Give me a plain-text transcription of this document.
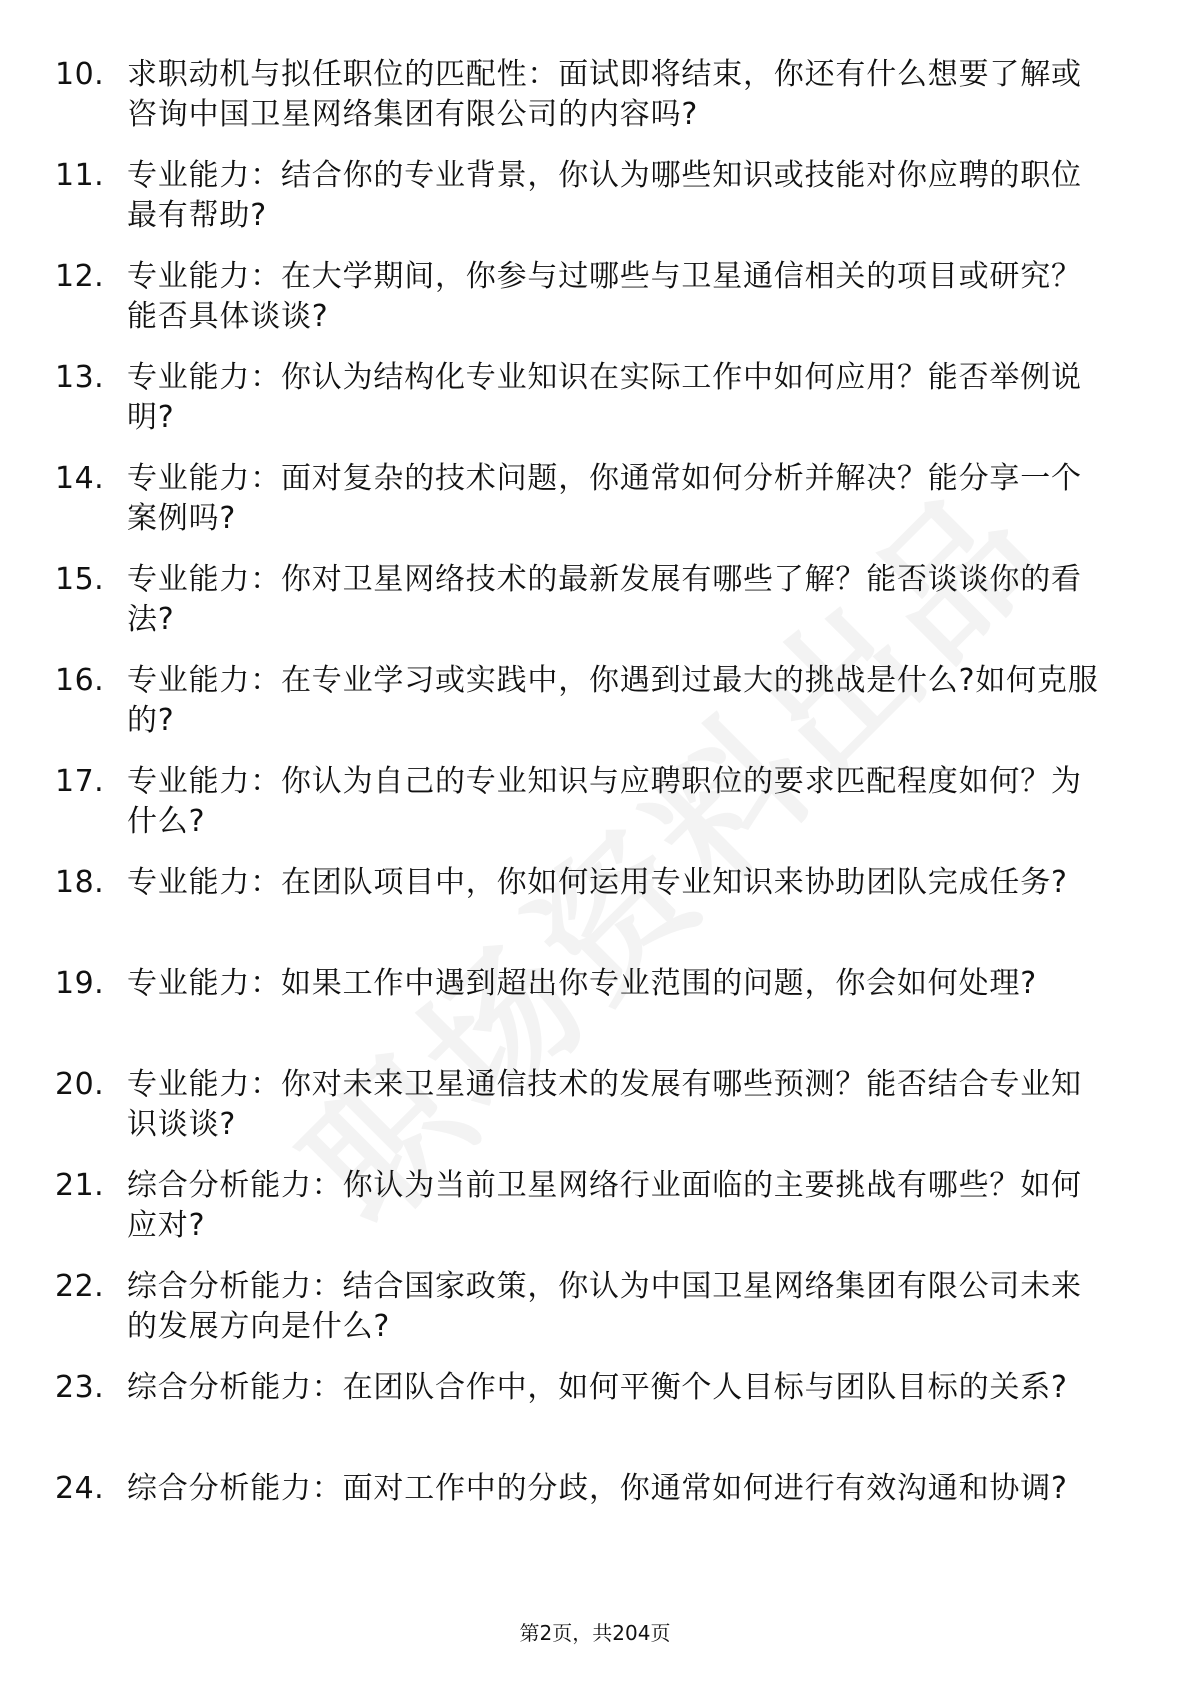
10. 求职动机与拟任职位的匹配性：面试即将结束，你还有什么想要了解或咨询中国卫星网络集团有限公司的内容吗?
11. 专业能力：结合你的专业背景，你认为哪些知识或技能对你应聘的职位最有帮助?
12. 专业能力：在大学期间，你参与过哪些与卫星通信相关的项目或研究？能否具体谈谈?
13. 专业能力：你认为结构化专业知识在实际工作中如何应用？能否举例说明?
14. 专业能力：面对复杂的技术问题，你通常如何分析并解决？能分享一个案例吗?
15. 专业能力：你对卫星网络技术的最新发展有哪些了解？能否谈谈你的看法?
16. 专业能力：在专业学习或实践中，你遇到过最大的挑战是什么?如何克服的?
17. 专业能力：你认为自己的专业知识与应聘职位的要求匹配程度如何？为什么?
18. 专业能力：在团队项目中，你如何运用专业知识来协助团队完成任务?
19. 专业能力：如果工作中遇到超出你专业范围的问题，你会如何处理?
20. 专业能力：你对未来卫星通信技术的发展有哪些预测？能否结合专业知识谈谈?
21. 综合分析能力：你认为当前卫星网络行业面临的主要挑战有哪些？如何应对?
22. 综合分析能力：结合国家政策，你认为中国卫星网络集团有限公司未来的发展方向是什么?
23. 综合分析能力：在团队合作中，如何平衡个人目标与团队目标的关系?
24. 综合分析能力：面对工作中的分歧，你通常如何进行有效沟通和协调?
第2页，共204页
